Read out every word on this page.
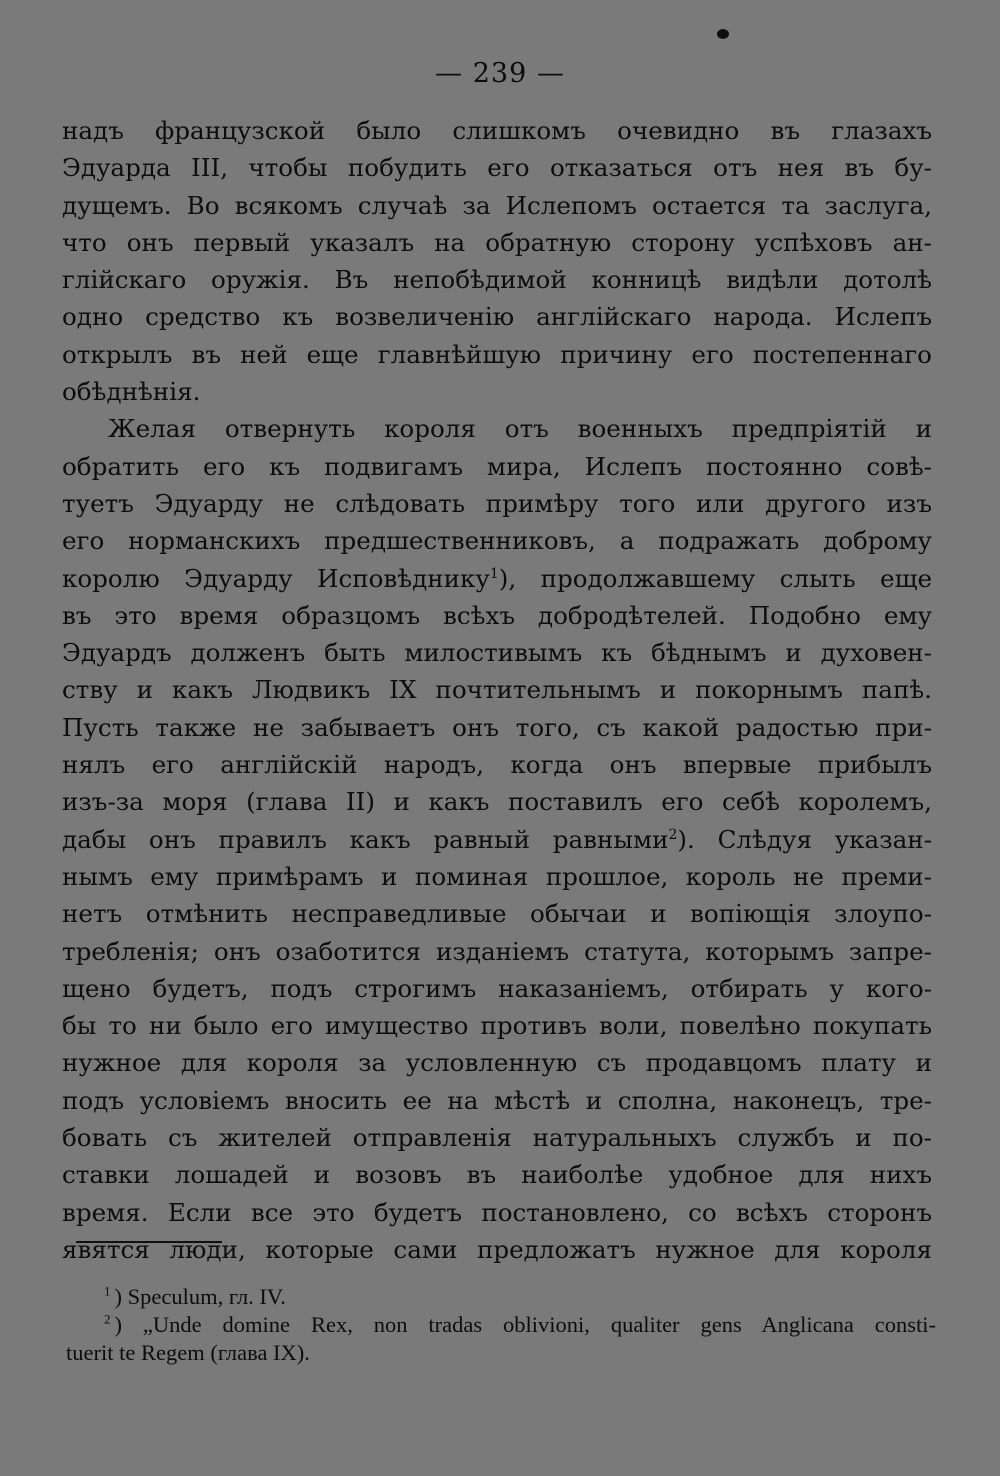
— 239 —
надъ французской было слишкомъ очевидно въ глазахъ
Эдуарда III, чтобы побудить его отказаться отъ нея въ бу-
дущемъ. Во всякомъ случаѣ за Ислепомъ остается та заслуга,
что онъ первый указалъ на обратную сторону успѣховъ ан-
глійскаго оружія. Въ непобѣдимой конницѣ видѣли дотолѣ
одно средство къ возвеличенію англійскаго народа. Ислепъ
открылъ въ ней еще главнѣйшую причину его постепеннаго
обѣднѣнія.
Желая отвернуть короля отъ военныхъ предпріятій и
обратить его къ подвигамъ мира, Ислепъ постоянно совѣ-
туетъ Эдуарду не слѣдовать примѣру того или другого изъ
его норманскихъ предшественниковъ, а подражать доброму
королю Эдуарду Исповѣднику$^1$), продолжавшему слыть еще
въ это время образцомъ всѣхъ добродѣтелей. Подобно ему
Эдуардъ долженъ быть милостивымъ къ бѣднымъ и духовен-
ству и какъ Людвикъ IX почтительнымъ и покорнымъ папѣ.
Пусть также не забываетъ онъ того, съ какой радостью при-
нялъ его англійскій народъ, когда онъ впервые прибылъ
изъ-за моря (глава II) и какъ поставилъ его себѣ королемъ,
дабы онъ правилъ какъ равный равными$^2$). Слѣдуя указан-
нымъ ему примѣрамъ и поминая прошлое, король не преми-
нетъ отмѣнить несправедливые обычаи и вопіющія злоупо-
требленія; онъ озаботится изданіемъ статута, которымъ запре-
щено будетъ, подъ строгимъ наказаніемъ, отбирать у кого-
бы то ни было его имущество противъ воли, повелѣно покупать
нужное для короля за условленную съ продавцомъ плату и
подъ условіемъ вносить ее на мѣстѣ и сполна, наконецъ, тре-
бовать съ жителей отправленія натуральныхъ службъ и по-
ставки лошадей и возовъ въ наиболѣе удобное для нихъ
время. Если все это будетъ постановлено, со всѣхъ сторонъ
явятся люди, которые сами предложатъ нужное для короля
$^1$ ) Speculum, гл. IV.
$^2$ ) „Unde domine Rex, non tradas oblivioni, qualiter gens Anglicana consti-
tuerit te Regem (глава IX).
